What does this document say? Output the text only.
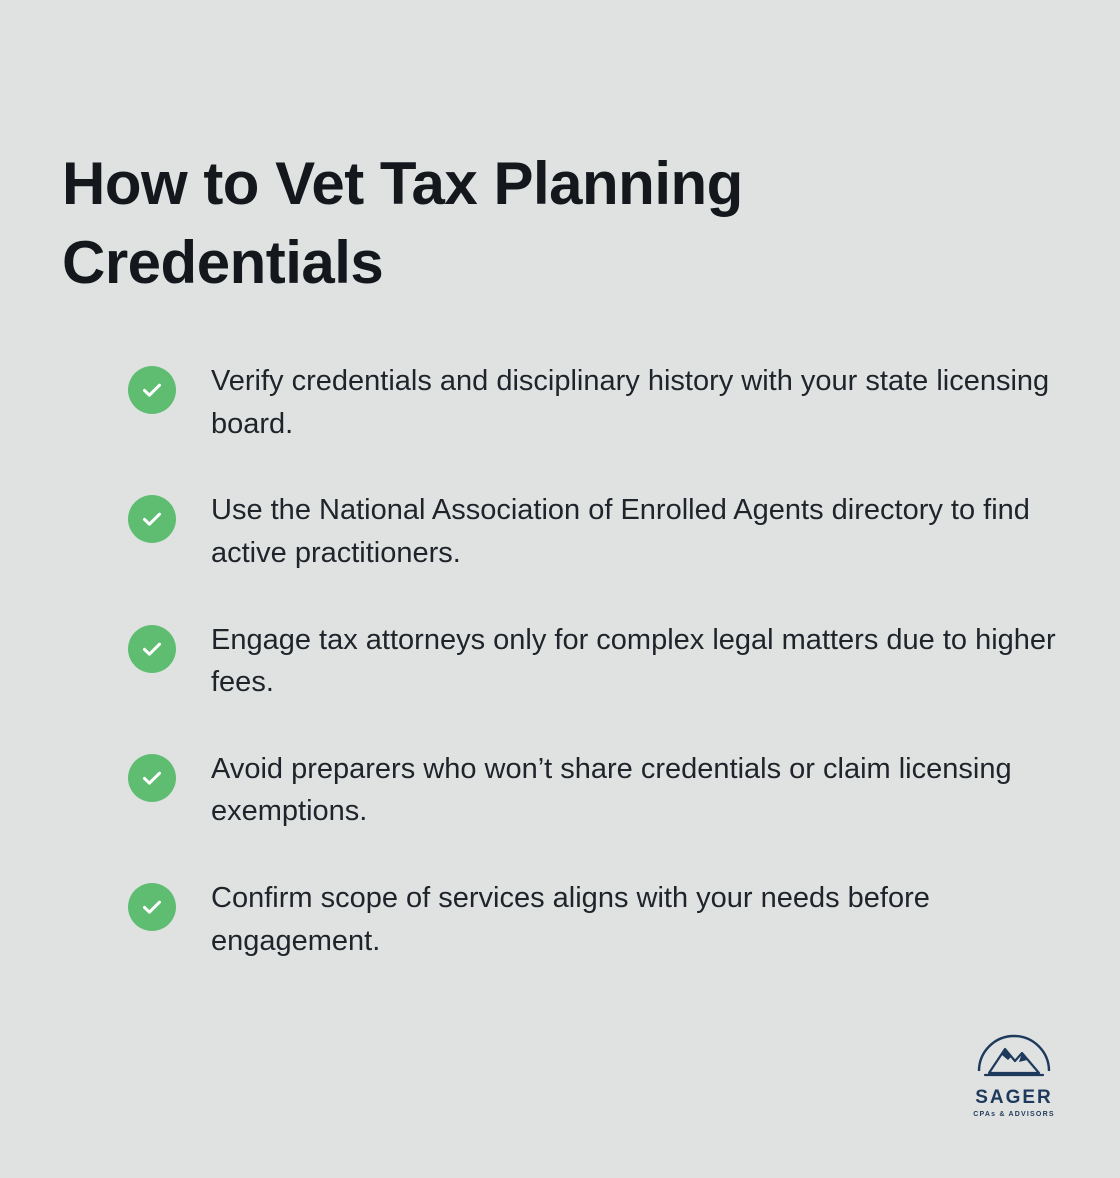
How to Vet Tax Planning Credentials
Verify credentials and disciplinary history with your state licensing board.
Use the National Association of Enrolled Agents directory to find active practitioners.
Engage tax attorneys only for complex legal matters due to higher fees.
Avoid preparers who won’t share credentials or claim licensing exemptions.
Confirm scope of services aligns with your needs before engagement.
SAGER
CPAs & ADVISORS
